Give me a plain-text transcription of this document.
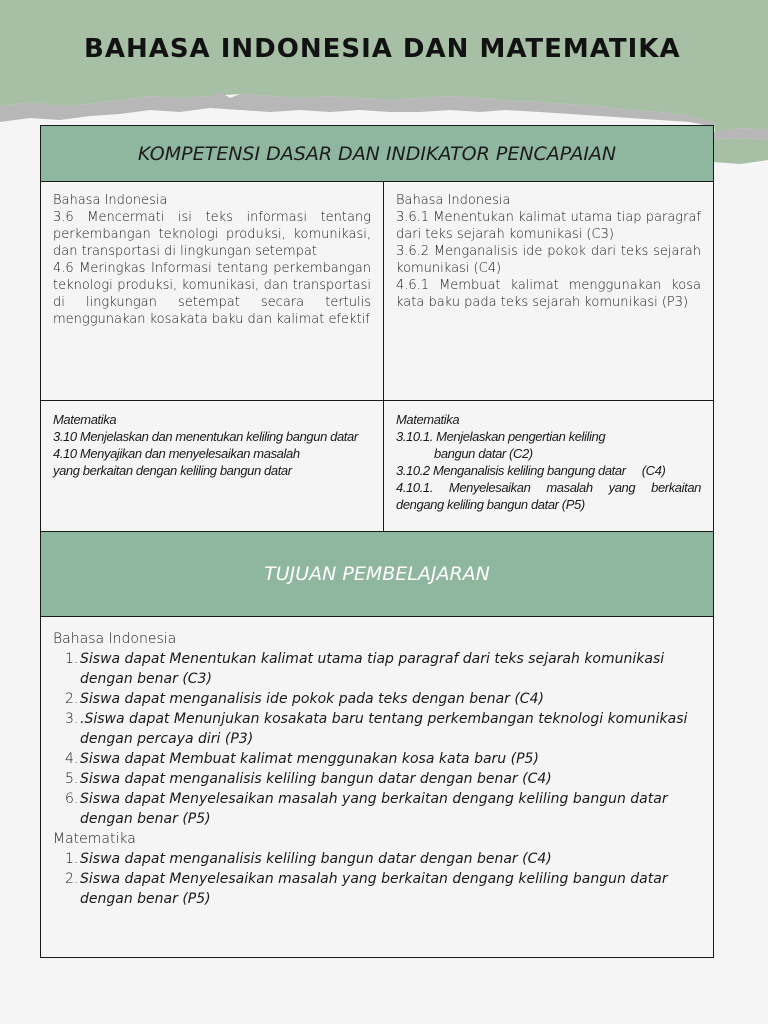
BAHASA INDONESIA DAN MATEMATIKA
KOMPETENSI DASAR DAN INDIKATOR PENCAPAIAN
Bahasa Indonesia

3.6 Mencermati isi teks informasi tentang perkembangan teknologi produksi, komunikasi, dan transportasi di lingkungan setempat

4.6 Meringkas Informasi tentang perkembangan teknologi produksi, komunikasi, dan transportasi di lingkungan setempat secara tertulis menggunakan kosakata baku dan kalimat efektif

Bahasa Indonesia

3.6.1 Menentukan kalimat utama tiap paragraf dari teks sejarah komunikasi (C3)

3.6.2 Menganalisis ide pokok dari teks sejarah komunikasi (C4)

4.6.1 Membuat kalimat menggunakan kosa kata baku pada teks sejarah komunikasi (P3)

Matematika

3.10 Menjelaskan dan menentukan keliling bangun datar

4.10 Menyajikan dan menyelesaikan masalah

yang berkaitan dengan keliling bangun datar

Matematika

3.10.1. Menjelaskan pengertian keliling

bangun datar (C2)

3.10.2 Menganalisis keliling bangung datar     (C4)

4.10.1. Menyelesaikan masalah yang berkaitan dengang keliling bangun datar (P5)

TUJUAN PEMBELAJARAN
Bahasa Indonesia
1. Siswa dapat Menentukan kalimat utama tiap paragraf dari teks sejarah komunikasi dengan benar (C3)
2. Siswa dapat menganalisis ide pokok pada teks dengan benar (C4)
3. .Siswa dapat Menunjukan kosakata baru tentang perkembangan teknologi komunikasi dengan percaya diri (P3)
4. Siswa dapat Membuat kalimat menggunakan kosa kata baru (P5)
5. Siswa dapat menganalisis keliling bangun datar dengan benar (C4)
6. Siswa dapat Menyelesaikan masalah yang berkaitan dengang keliling bangun datar dengan benar (P5)
Matematika
1. Siswa dapat menganalisis keliling bangun datar dengan benar (C4)
2. Siswa dapat Menyelesaikan masalah yang berkaitan dengang keliling bangun datar dengan benar (P5)
